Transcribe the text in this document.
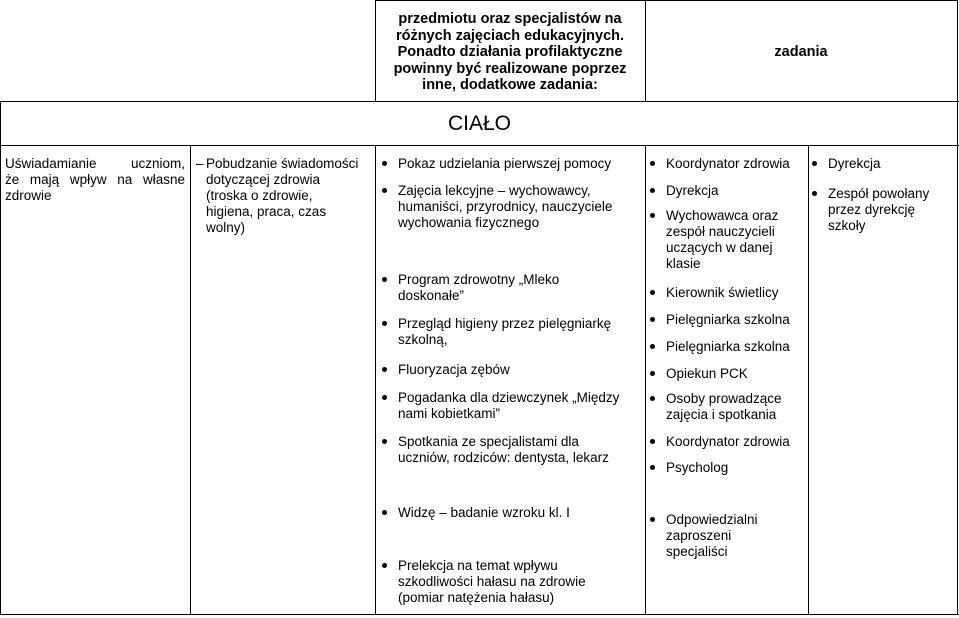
przedmiotu oraz specjalistów na
różnych zajęciach edukacyjnych.
Ponadto działania profilaktyczne
powinny być realizowane poprzez
inne, dodatkowe zadania:
zadania
CIAŁO
Uświadamianie uczniom,
że mają wpływ na własne
zdrowie
– Pobudzanie świadomości
dotyczącej zdrowia
(troska o zdrowie,
higiena, praca, czas
wolny)
Pokaz udzielania pierwszej pomocy
Zajęcia lekcyjne – wychowawcy,
humaniści, przyrodnicy, nauczyciele
wychowania fizycznego
Program zdrowotny „Mleko
doskonałe”
Przegląd higieny przez pielęgniarkę
szkolną,
Fluoryzacja zębów
Pogadanka dla dziewczynek „Między
nami kobietkami”
Spotkania ze specjalistami dla
uczniów, rodziców: dentysta, lekarz
Widzę – badanie wzroku kl. I
Prelekcja na temat wpływu
szkodliwości hałasu na zdrowie
(pomiar natężenia hałasu)
Koordynator zdrowia
Dyrekcja
Wychowawca oraz
zespół nauczycieli
uczących w danej
klasie
Kierownik świetlicy
Pielęgniarka szkolna
Pielęgniarka szkolna
Opiekun PCK
Osoby prowadzące
zajęcia i spotkania
Koordynator zdrowia
Psycholog
Odpowiedzialni
zaproszeni
specjaliści
Dyrekcja
Zespół powołany
przez dyrekcję
szkoły
